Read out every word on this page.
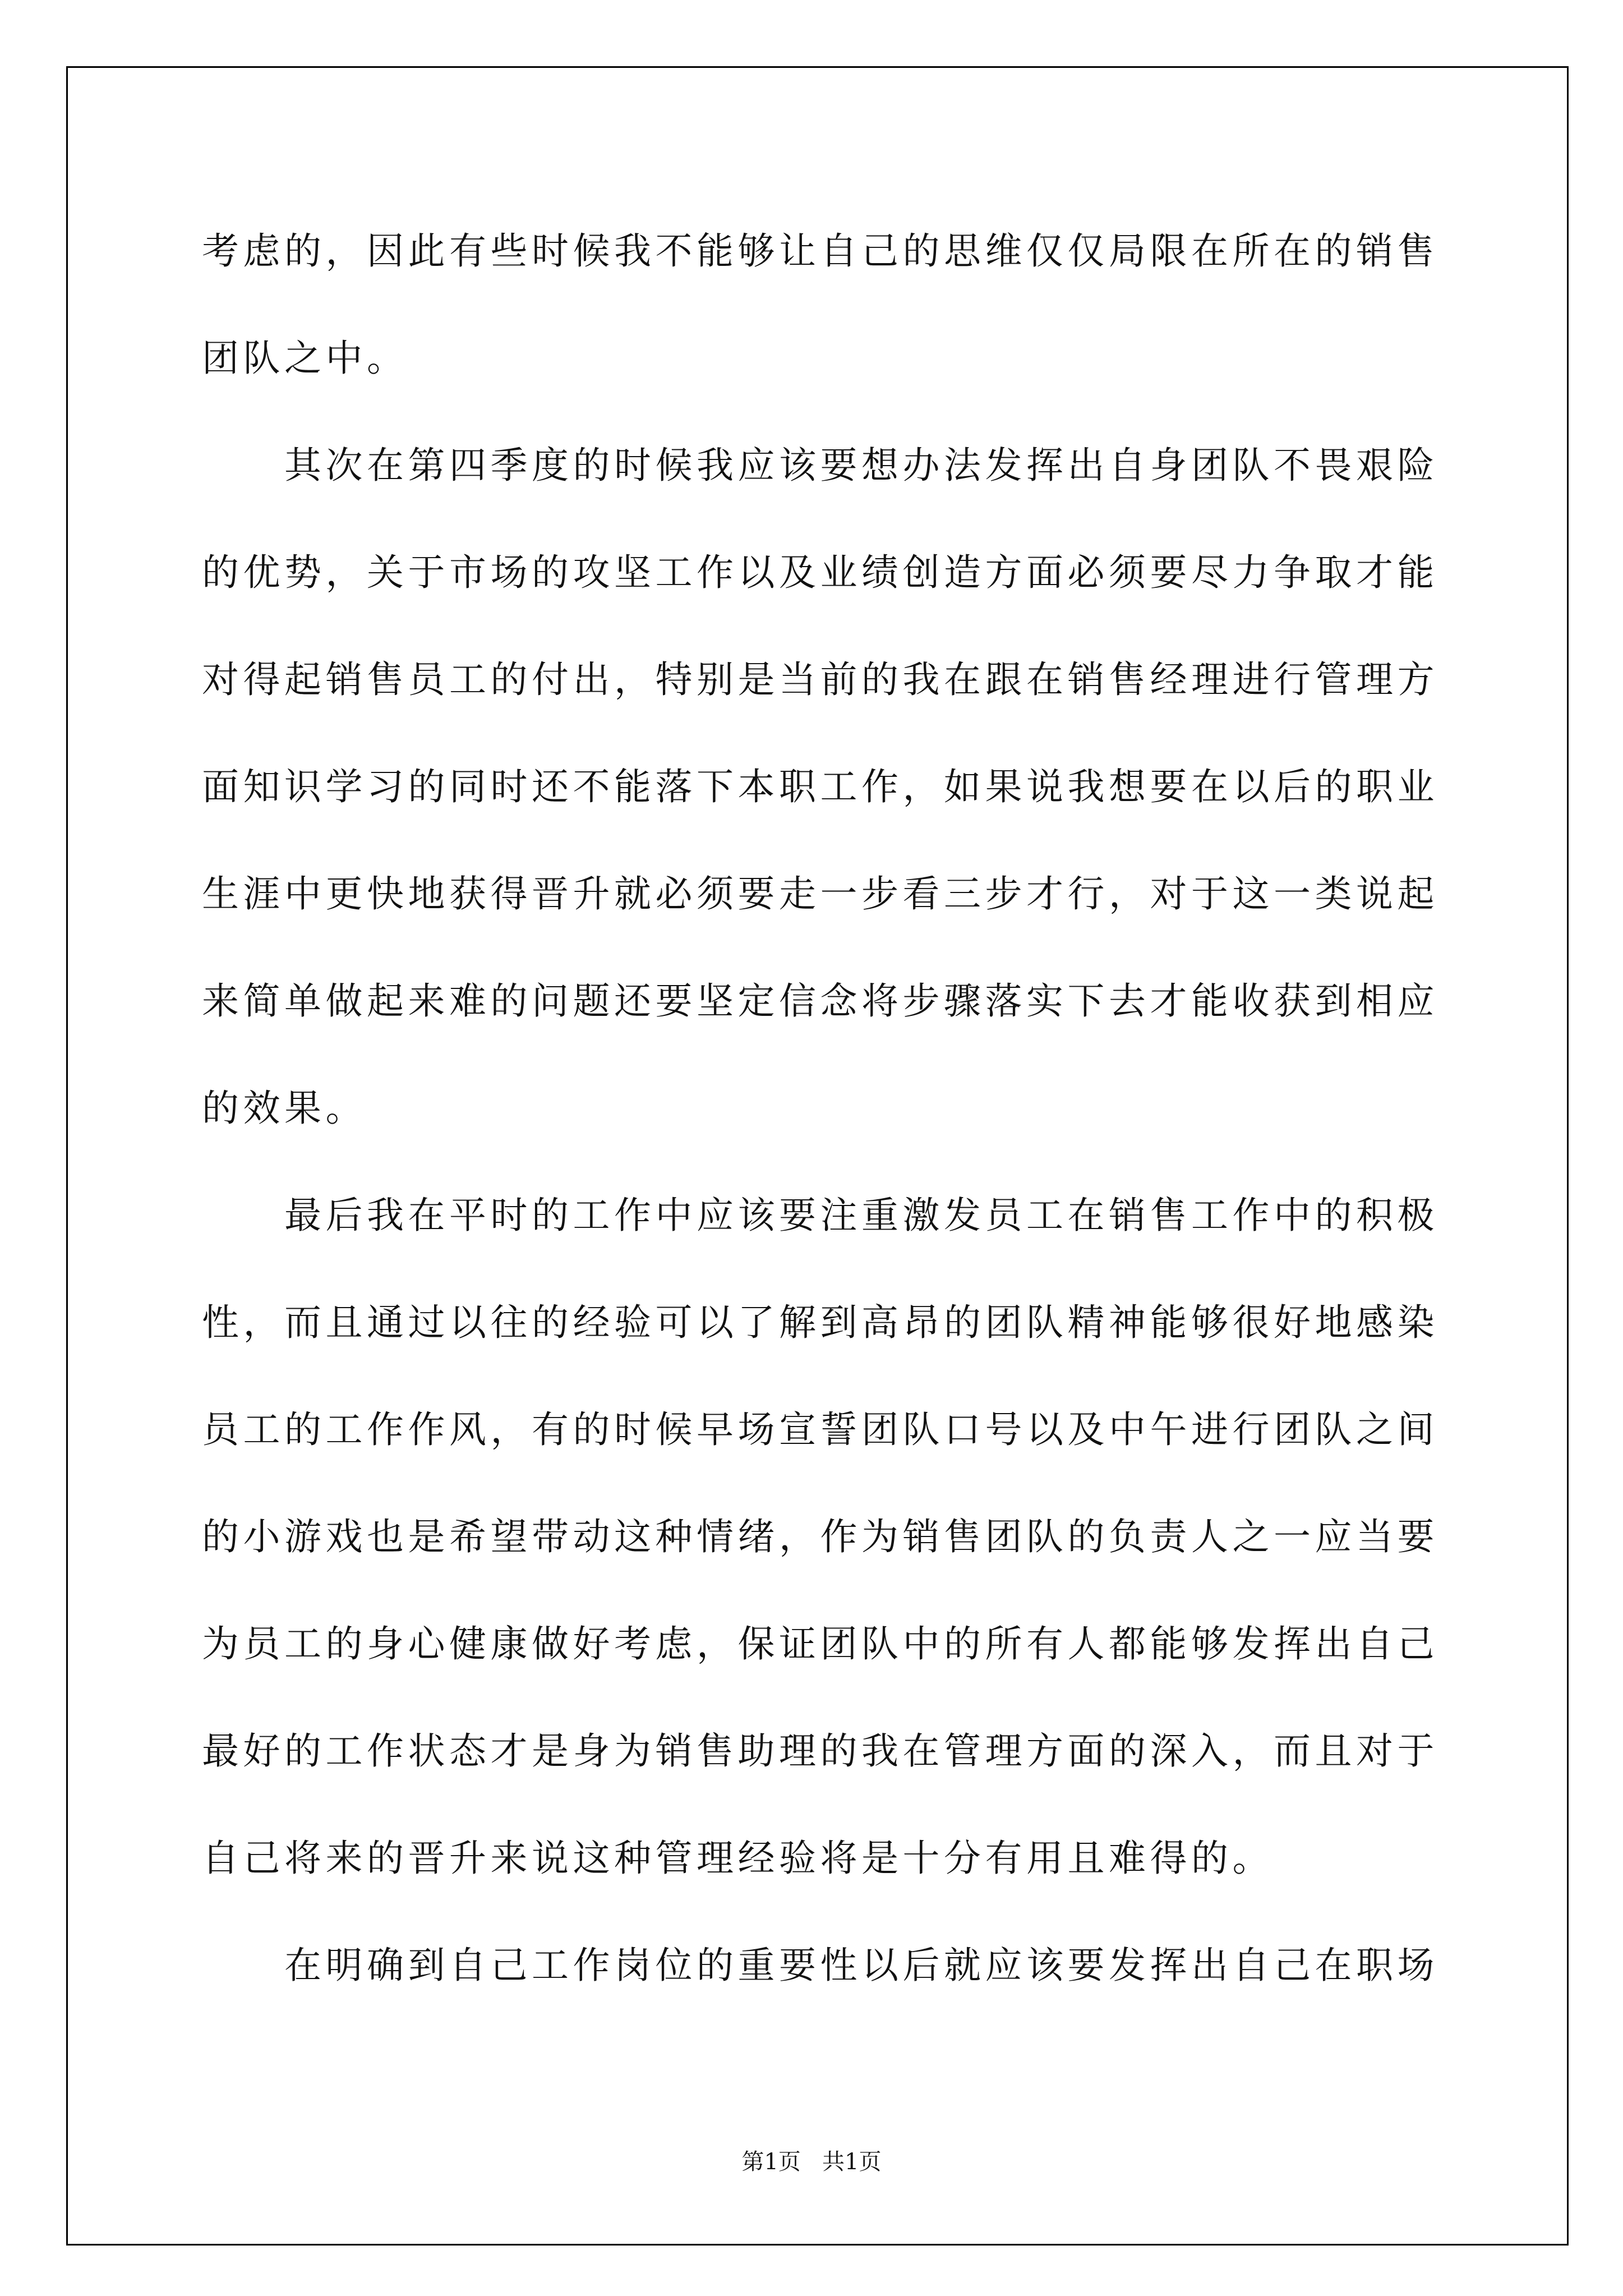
考虑的，因此有些时候我不能够让自己的思维仅仅局限在所在的销售
团队之中。
其次在第四季度的时候我应该要想办法发挥出自身团队不畏艰险
的优势，关于市场的攻坚工作以及业绩创造方面必须要尽力争取才能
对得起销售员工的付出，特别是当前的我在跟在销售经理进行管理方
面知识学习的同时还不能落下本职工作，如果说我想要在以后的职业
生涯中更快地获得晋升就必须要走一步看三步才行，对于这一类说起
来简单做起来难的问题还要坚定信念将步骤落实下去才能收获到相应
的效果。
最后我在平时的工作中应该要注重激发员工在销售工作中的积极
性，而且通过以往的经验可以了解到高昂的团队精神能够很好地感染
员工的工作作风，有的时候早场宣誓团队口号以及中午进行团队之间
的小游戏也是希望带动这种情绪，作为销售团队的负责人之一应当要
为员工的身心健康做好考虑，保证团队中的所有人都能够发挥出自己
最好的工作状态才是身为销售助理的我在管理方面的深入，而且对于
自己将来的晋升来说这种管理经验将是十分有用且难得的。
在明确到自己工作岗位的重要性以后就应该要发挥出自己在职场
第1页   共1页
